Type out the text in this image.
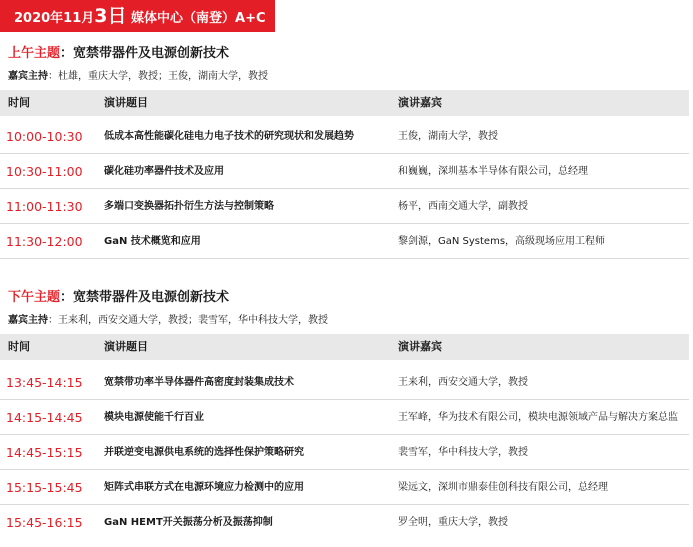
2020年11月3日 媒体中心（南登）A+C
上午主题：宽禁带器件及电源创新技术
嘉宾主持：杜雄，重庆大学，教授；王俊，湖南大学，教授
时间	演讲题目	演讲嘉宾
10:00-10:30 低成本高性能碳化硅电力电子技术的研究现状和发展趋势	王俊，湖南大学，教授
10:30-11:00 碳化硅功率器件技术及应用	和巍巍，深圳基本半导体有限公司，总经理
11:00-11:30 多端口变换器拓扑衍生方法与控制策略	杨平，西南交通大学，副教授
11:30-12:00 GaN 技术概览和应用	黎剑源，GaN Systems，高级现场应用工程师
下午主题：宽禁带器件及电源创新技术
嘉宾主持：王来利，西安交通大学，教授；裴雪军，华中科技大学，教授
时间	演讲题目	演讲嘉宾
13:45-14:15 宽禁带功率半导体器件高密度封装集成技术	王来利，西安交通大学，教授
14:15-14:45 模块电源使能千行百业	王军峰，华为技术有限公司，模块电源领域产品与解决方案总监
14:45-15:15 并联逆变电源供电系统的选择性保护策略研究	裴雪军，华中科技大学，教授
15:15-15:45 矩阵式串联方式在电源环境应力检测中的应用	梁远文，深圳市鼎泰佳创科技有限公司，总经理
15:45-16:15 GaN HEMT开关振荡分析及振荡抑制	罗全明，重庆大学，教授
